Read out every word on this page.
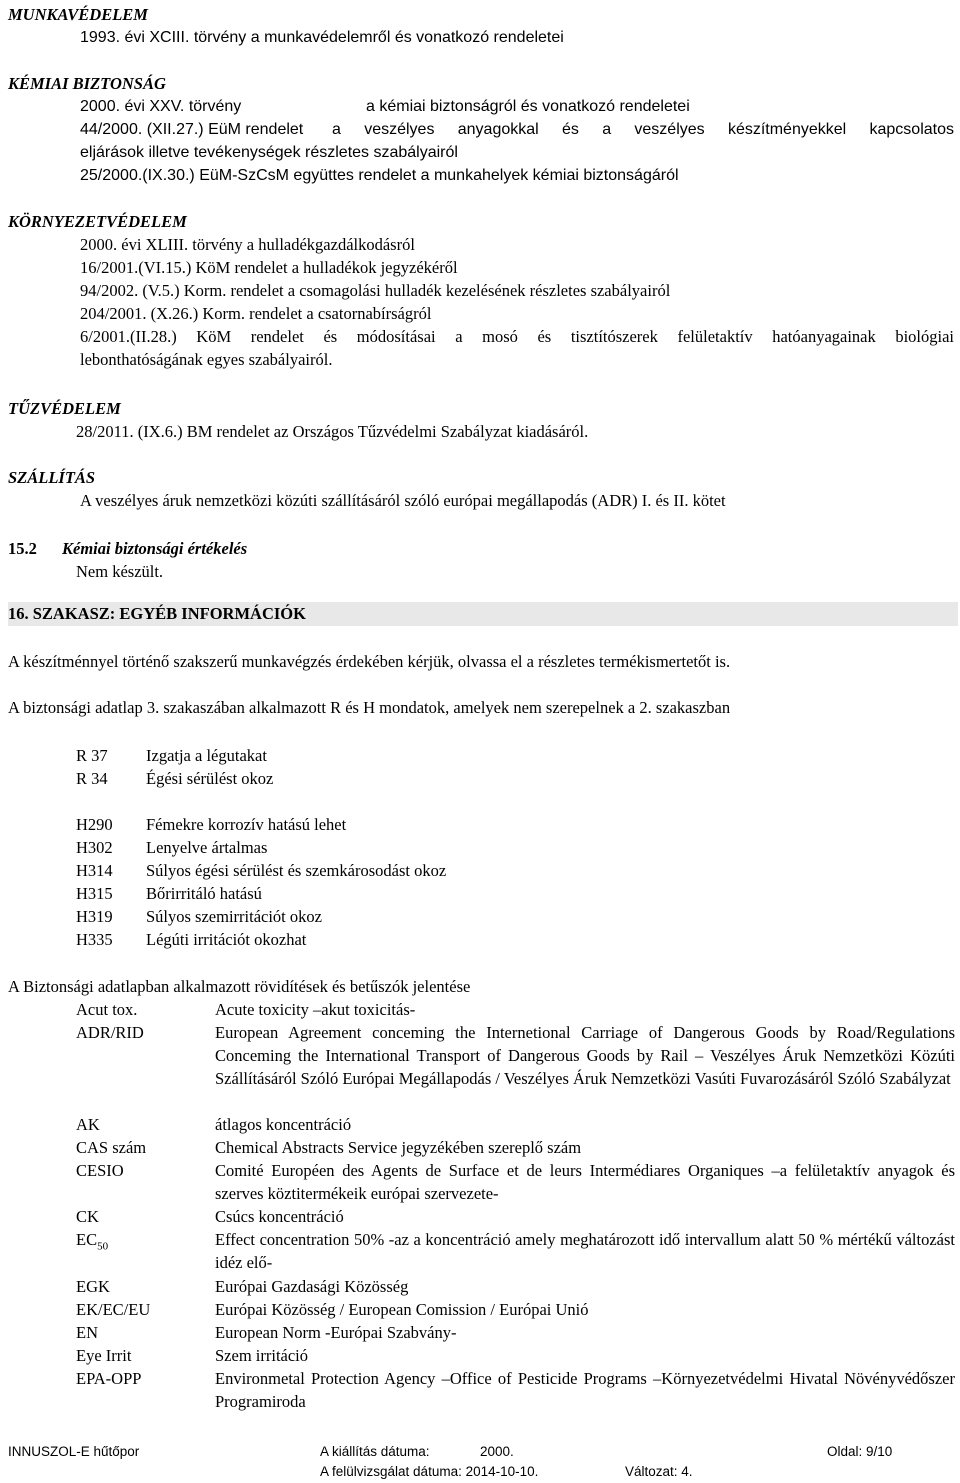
MUNKAVÉDELEM
1993. évi XCIII. törvény a munkavédelemről és vonatkozó rendeletei
KÉMIAI BIZTONSÁG
2000. évi XXV. törvény	a kémiai biztonságról és vonatkozó rendeletei
44/2000. (XII.27.) EüM rendelet a veszélyes anyagokkal és a veszélyes készítményekkel kapcsolatos
eljárások illetve tevékenységek részletes szabályairól
25/2000.(IX.30.) EüM-SzCsM együttes rendelet a munkahelyek kémiai biztonságáról
KÖRNYEZETVÉDELEM
2000. évi XLIII. törvény a hulladékgazdálkodásról
16/2001.(VI.15.) KöM rendelet a hulladékok jegyzékéről
94/2002. (V.5.) Korm. rendelet a csomagolási hulladék kezelésének részletes szabályairól
204/2001. (X.26.) Korm. rendelet a csatornabírságról
6/2001.(II.28.) KöM rendelet és módosításai a mosó és tisztítószerek felületaktív hatóanyagainak biológiai
lebonthatóságának egyes szabályairól.
TŰZVÉDELEM
28/2011. (IX.6.) BM rendelet az Országos Tűzvédelmi Szabályzat kiadásáról.
SZÁLLÍTÁS
A veszélyes áruk nemzetközi közúti szállításáról szóló európai megállapodás (ADR) I. és II. kötet
15.2 Kémiai biztonsági értékelés
Nem készült.
16. SZAKASZ: EGYÉB INFORMÁCIÓK
A készítménnyel történő szakszerű munkavégzés érdekében kérjük, olvassa el a részletes termékismertetőt is.
A biztonsági adatlap 3. szakaszában alkalmazott R és H mondatok, amelyek nem szerepelnek a 2. szakaszban
R 37 Izgatja a légutakat
R 34 Égési sérülést okoz
H290 Fémekre korrozív hatású lehet
H302 Lenyelve ártalmas
H314 Súlyos égési sérülést és szemkárosodást okoz
H315 Bőrirritáló hatású
H319 Súlyos szemirritációt okoz
H335 Légúti irritációt okozhat
A Biztonsági adatlapban alkalmazott rövidítések és betűszók jelentése
Acut tox.	Acute toxicity –akut toxicitás-
ADR/RID	European Agreement conceming the Internetional Carriage of Dangerous Goods by Road/Regulations Conceming the International Transport of Dangerous Goods by Rail – Veszélyes Áruk Nemzetközi Közúti Szállításáról Szóló Európai Megállapodás / Veszélyes Áruk Nemzetközi Vasúti Fuvarozásáról Szóló Szabályzat
AK	átlagos koncentráció
CAS szám	Chemical Abstracts Service jegyzékében szereplő szám
CESIO	Comité Européen des Agents de Surface et de leurs Intermédiares Organiques –a felületaktív anyagok és szerves köztitermékeik európai szervezete-
CK	Csúcs koncentráció
$EC_{50}$	Effect concentration 50% -az a koncentráció amely meghatározott idő intervallum alatt 50 % mértékű változást idéz elő-
EGK	Európai Gazdasági Közösség
EK/EC/EU	Európai Közösség / European Comission / Európai Unió
EN	European Norm -Európai Szabvány-
Eye Irrit	Szem irritáció
EPA-OPP	Environmetal Protection Agency –Office of Pesticide Programs –Környezetvédelmi Hivatal Növényvédőszer Programiroda
INNUSZOL-E hűtőpor	A kiállítás dátuma:	2000.	Oldal: 9/10
A felülvizsgálat dátuma: 2014-10-10.	Változat: 4.
